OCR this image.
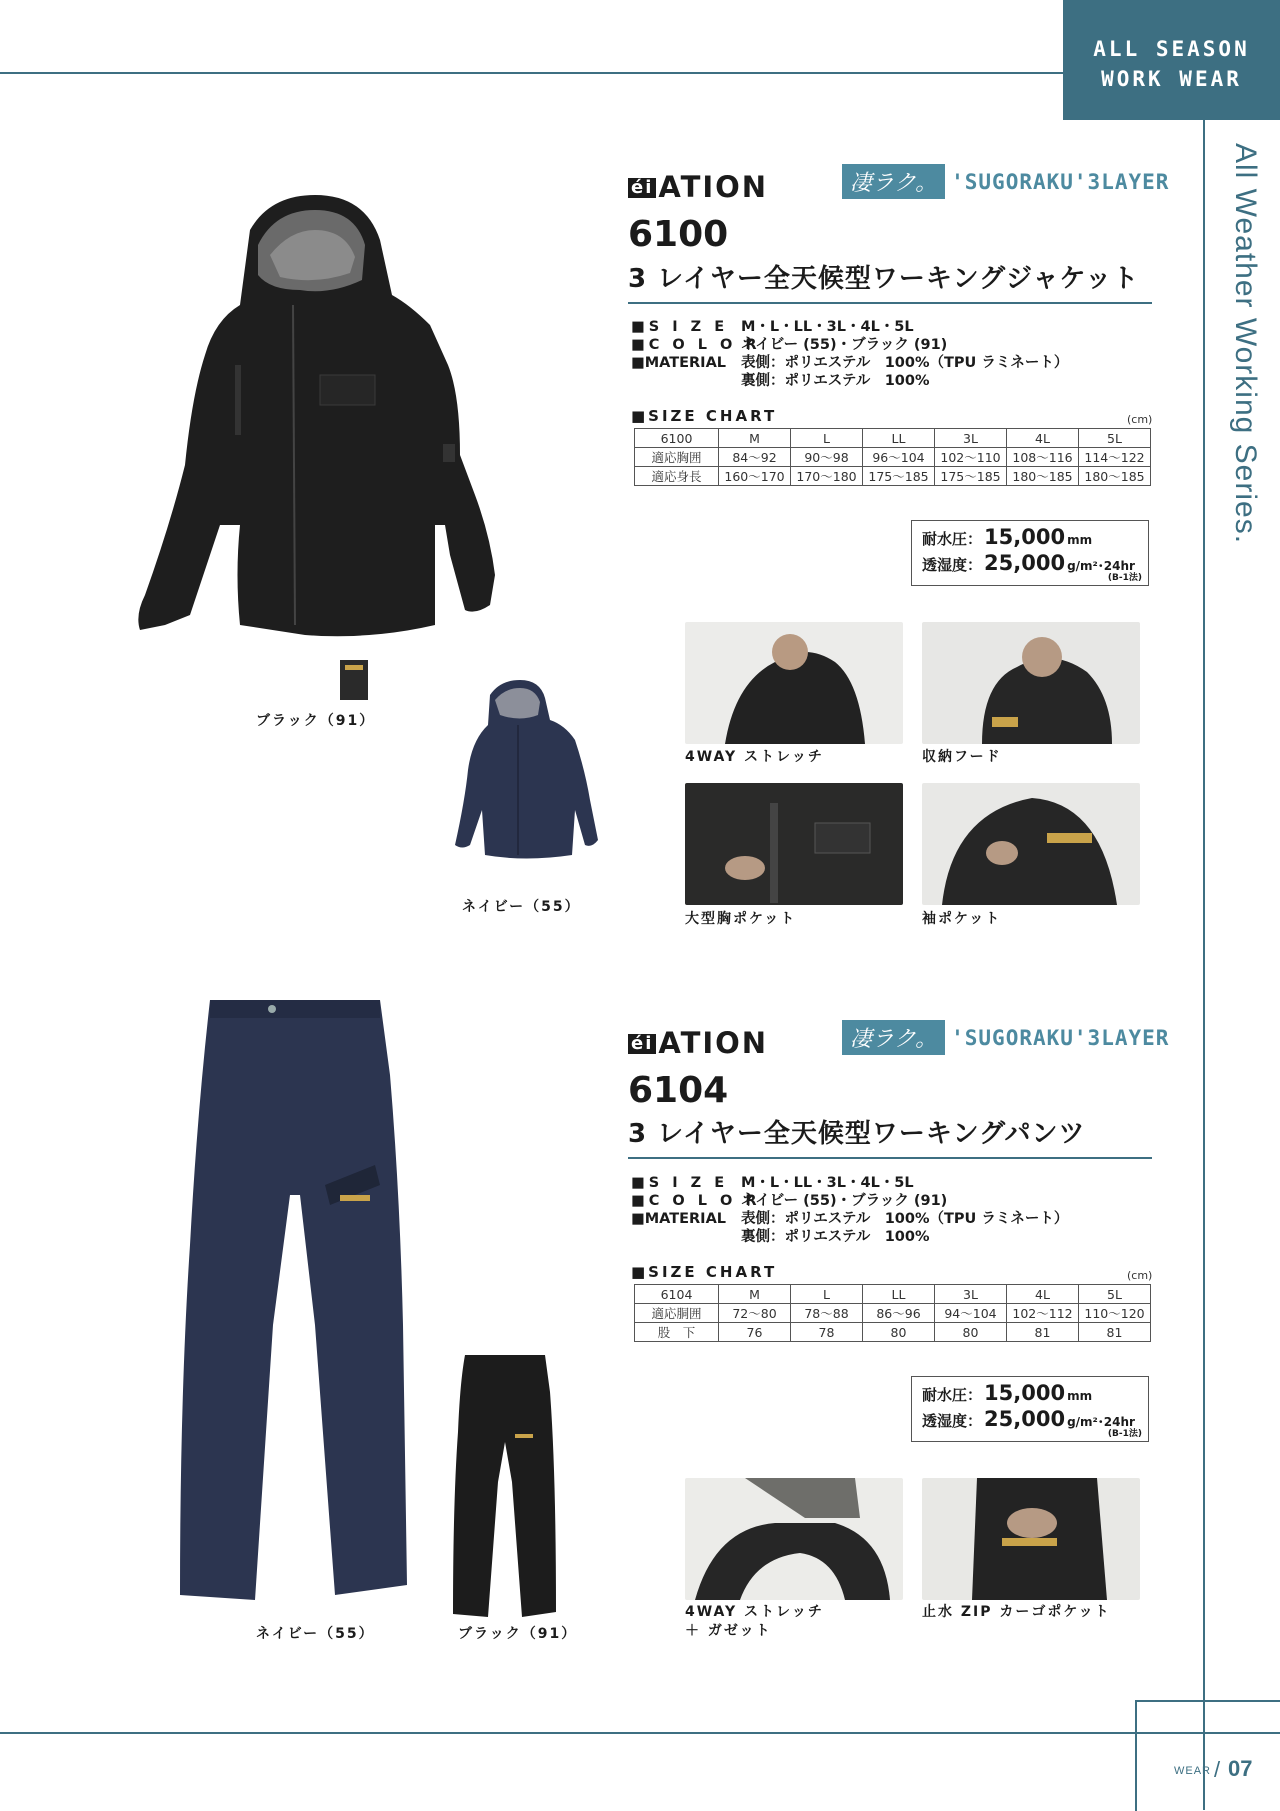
ALL SEASON
WORK WEAR
All Weather Working Series.
ブラック（91）
ネイビー（55）
éi ATION	凄ラク。 'SUGORAKU'3LAYER
6100
3 レイヤー全天候型ワーキングジャケット
■S I Z E M・L・LL・3L・4L・5L
■C O L O R
ネイビー (55)・ブラック (91)
■MATERIAL	表側：ポリエステル　100%（TPU ラミネート）
裏側：ポリエステル　100%
■SIZE CHART	(cm)
6100	M	L	LL	3L	4L	5L
適応胸囲	84～92	90～98	96～104	102～110	108～116	114～122
適応身長	160～170	170～180	175～185	175～185	180～185	180～185
耐水圧： 15,000 mm
透湿度： 25,000 g/m²･24hr
(B-1法)
4WAY ストレッチ	収納フード
大型胸ポケット	袖ポケット
ネイビー（55）	ブラック（91）
éi ATION	凄ラク。 'SUGORAKU'3LAYER
6104
3 レイヤー全天候型ワーキングパンツ
■S I Z E M・L・LL・3L・4L・5L
■C O L O R
ネイビー (55)・ブラック (91)
■MATERIAL	表側：ポリエステル　100%（TPU ラミネート）
裏側：ポリエステル　100%
■SIZE CHART	(cm)
6104	M	L	LL	3L	4L	5L
適応胴囲	72～80	78～88	86～96	94～104	102～112	110～120
股　下	76	78	80	80	81	81
耐水圧： 15,000 mm
透湿度： 25,000 g/m²･24hr
(B-1法)
4WAY ストレッチ
＋ ガゼット
止水 ZIP カーゴポケット
WEAR / 07
